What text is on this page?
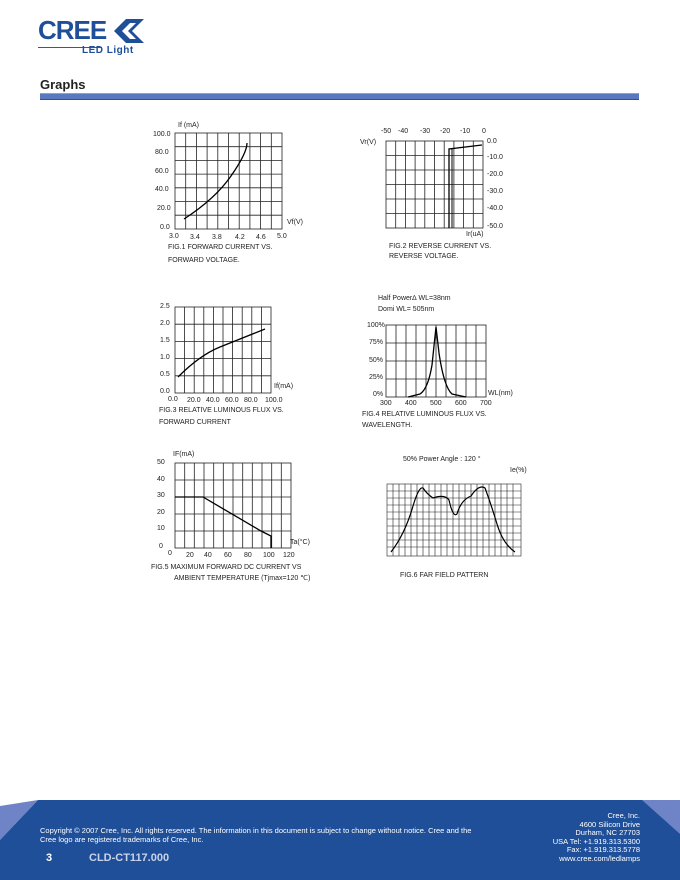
CREE
LED Light
Graphs
If (mA)
100.0
80.0
60.0
40.0
20.0
0.0
Vf(V)
3.0 3.4 3.8 4.2 4.6 5.0
FIG.1 FORWARD CURRENT VS.
FORWARD VOLTAGE.
-50 -40 -30 -20 -10 0
Vr(V)	0.0
-10.0
-20.0
-30.0
-40.0
-50.0
Ir(uA)
FIG.2 REVERSE CURRENT VS.
REVERSE VOLTAGE.
2.5
2.0
1.5
1.0
0.5
0.0
If(mA)
0.0 20.0 40.0 60.0 80.0 100.0
FIG.3 RELATIVE LUMINOUS FLUX VS.
FORWARD CURRENT
Half Power∆ WL=38nm
Domi WL= 505nm
100%
75%
50%
25%
0%	WL(nm)
300 400 500 600 700
FIG.4 RELATIVE LUMINOUS FLUX VS.
WAVELENGTH.
IF(mA)
50
40
30
20
10
0
Ta(°C)
0 20 40 60 80 100 120
FIG.5 MAXIMUM FORWARD DC CURRENT VS
AMBIENT TEMPERATURE (Tjmax=120 ℃)
50% Power Angle : 120 °
Ie(%)
FIG.6 FAR FIELD PATTERN
Copyright © 2007 Cree, Inc. All rights reserved. The information in this document is subject to change without notice. Cree and the
Cree logo are registered trademarks of Cree, Inc.
3	CLD-CT117.000
Cree, Inc.
4600 Silicon Drive
Durham, NC 27703
USA Tel: +1.919.313.5300
Fax: +1.919.313.5778
www.cree.com/ledlamps
